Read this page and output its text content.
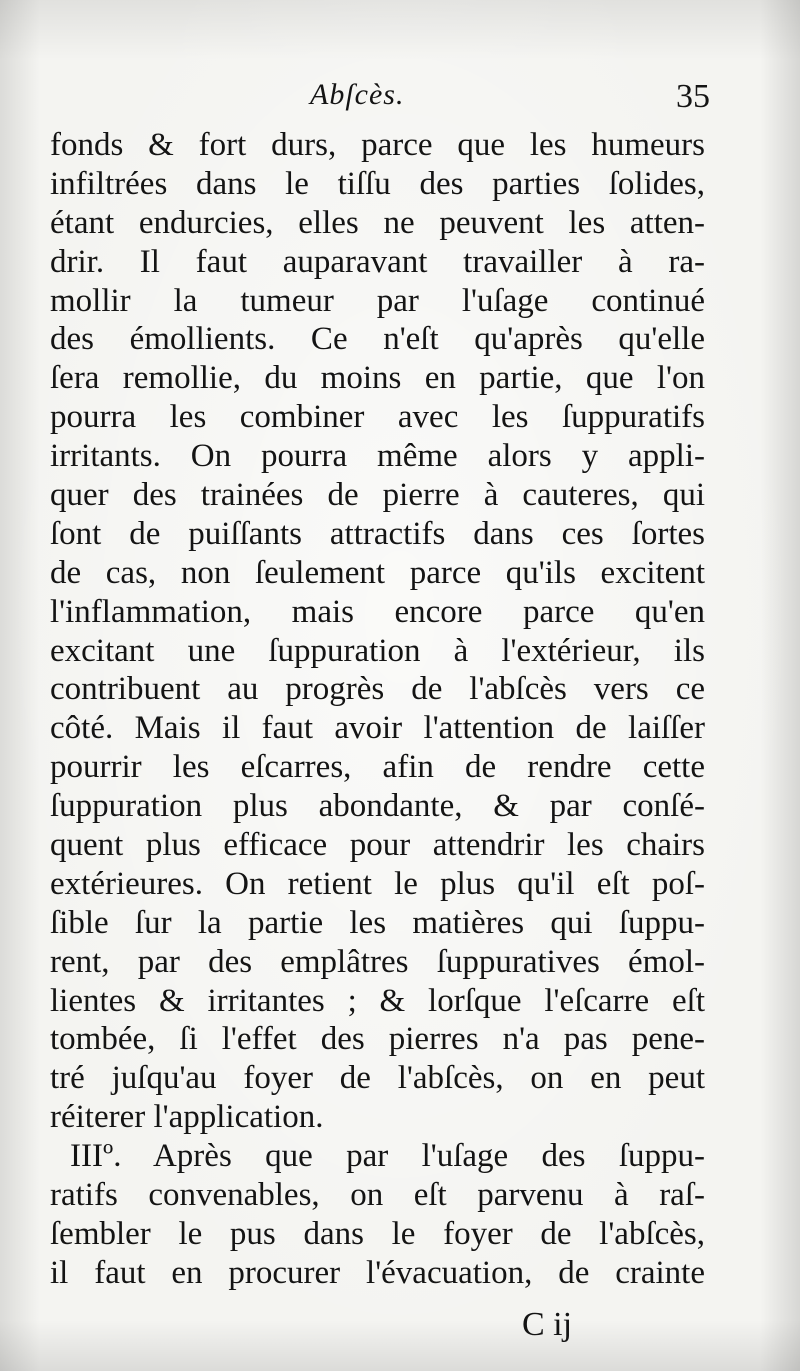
Abſcès.	35
fonds & fort durs, parce que les humeurs
infiltrées dans le tiſſu des parties ſolides,
étant endurcies, elles ne peuvent les atten-
drir. Il faut auparavant travailler à ra-
mollir la tumeur par l'uſage continué
des émollients. Ce n'eſt qu'après qu'elle
ſera remollie, du moins en partie, que l'on
pourra les combiner avec les ſuppuratifs
irritants. On pourra même alors y appli-
quer des trainées de pierre à cauteres, qui
ſont de puiſſants attractifs dans ces ſortes
de cas, non ſeulement parce qu'ils excitent
l'inflammation, mais encore parce qu'en
excitant une ſuppuration à l'extérieur, ils
contribuent au progrès de l'abſcès vers ce
côté. Mais il faut avoir l'attention de laiſſer
pourrir les eſcarres, afin de rendre cette
ſuppuration plus abondante, & par conſé-
quent plus efficace pour attendrir les chairs
extérieures. On retient le plus qu'il eſt poſ-
ſible ſur la partie les matières qui ſuppu-
rent, par des emplâtres ſuppuratives émol-
lientes & irritantes ; & lorſque l'eſcarre eſt
tombée, ſi l'effet des pierres n'a pas pene-
tré juſqu'au foyer de l'abſcès, on en peut
réiterer l'application.
IIIº. Après que par l'uſage des ſuppu-
ratifs convenables, on eſt parvenu à raſ-
ſembler le pus dans le foyer de l'abſcès,
il faut en procurer l'évacuation, de crainte
C ij
